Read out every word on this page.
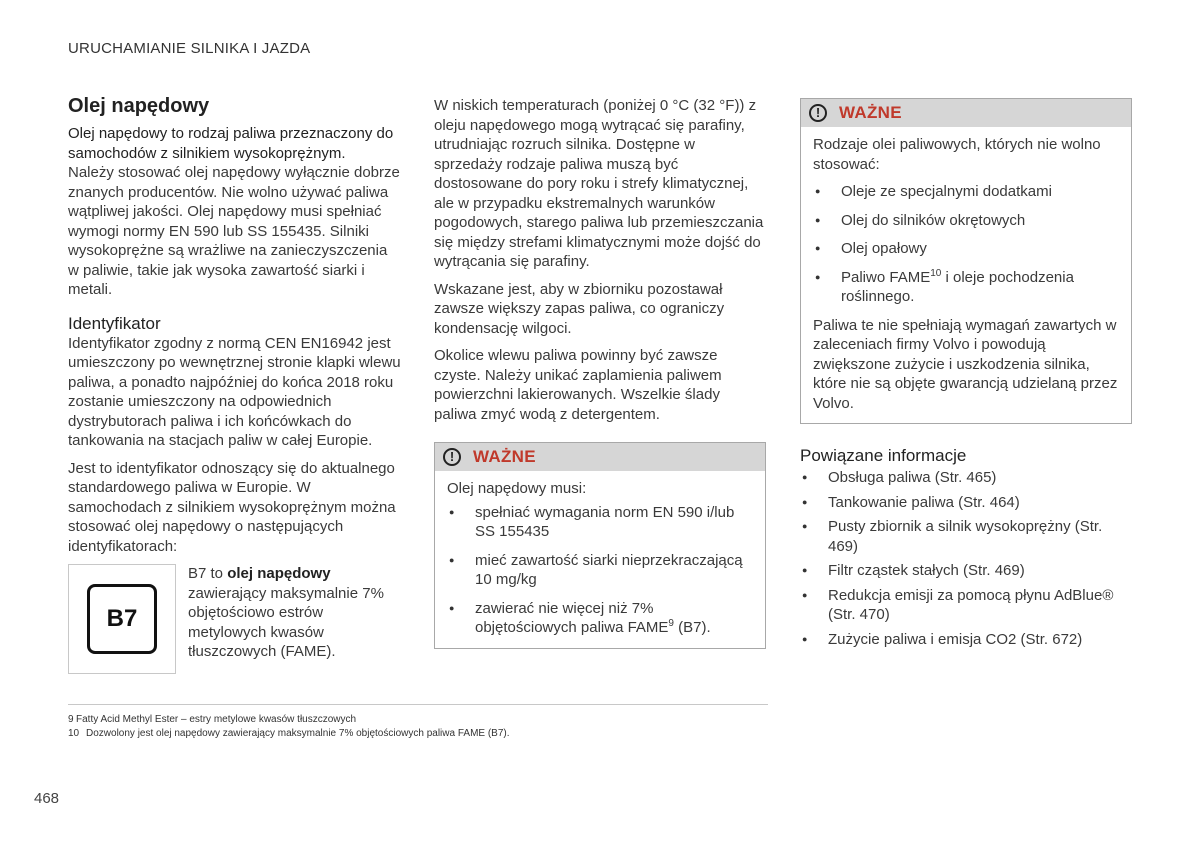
URUCHAMIANIE SILNIKA I JAZDA
Olej napędowy

Olej napędowy to rodzaj paliwa przeznaczony do samochodów z silnikiem wysokoprężnym.

Należy stosować olej napędowy wyłącznie dobrze znanych producentów. Nie wolno używać paliwa wątpliwej jakości. Olej napędowy musi spełniać wymogi normy EN 590 lub SS 155435. Silniki wysokoprężne są wrażliwe na zanieczyszczenia w paliwie, takie jak wysoka zawartość siarki i metali.

Identyfikator

Identyfikator zgodny z normą CEN EN16942 jest umieszczony po wewnętrznej stronie klapki wlewu paliwa, a ponadto najpóźniej do końca 2018 roku zostanie umieszczony na odpowiednich dystrybutorach paliwa i ich końcówkach do tankowania na stacjach paliw w całej Europie.

Jest to identyfikator odnoszący się do aktualnego standardowego paliwa w Europie. W samochodach z silnikiem wysokoprężnym można stosować olej napędowy o następujących identyfikatorach:

B7
B7 to olej napędowy zawierający maksymalnie 7% objętościowo estrów metylowych kwasów tłuszczowych (FAME).

W niskich temperaturach (poniżej 0 °C (32 °F)) z oleju napędowego mogą wytrącać się parafiny, utrudniając rozruch silnika. Dostępne w sprzedaży rodzaje paliwa muszą być dostosowane do pory roku i strefy klimatycznej, ale w przypadku ekstremalnych warunków pogodowych, starego paliwa lub przemieszczania się między strefami klimatycznymi może dojść do wytrącania się parafiny.

Wskazane jest, aby w zbiorniku pozostawał zawsze większy zapas paliwa, co ograniczy kondensację wilgoci.

Okolice wlewu paliwa powinny być zawsze czyste. Należy unikać zaplamienia paliwem powierzchni lakierowanych. Wszelkie ślady paliwa zmyć wodą z detergentem.

!	WAŻNE
Olej napędowy musi:
● spełniać wymagania norm EN 590 i/lub SS 155435
● mieć zawartość siarki nieprzekraczającą 10 mg/kg
● zawierać nie więcej niż 7% objętościowych paliwa FAME$^9$ (B7).
!	WAŻNE
Rodzaje olei paliwowych, których nie wolno stosować:
● Oleje ze specjalnymi dodatkami
● Olej do silników okrętowych
● Olej opałowy
● Paliwo FAME$^{10}$ i oleje pochodzenia roślinnego.
Paliwa te nie spełniają wymagań zawartych w zaleceniach firmy Volvo i powodują zwiększone zużycie i uszkodzenia silnika, które nie są objęte gwarancją udzielaną przez Volvo.
Powiązane informacje
● Obsługa paliwa (Str. 465)
● Tankowanie paliwa (Str. 464)
● Pusty zbiornik a silnik wysokoprężny (Str. 469)
● Filtr cząstek stałych (Str. 469)
● Redukcja emisji za pomocą płynu AdBlue® (Str. 470)
● Zużycie paliwa i emisja CO2 (Str. 672)
9 Fatty Acid Methyl Ester – estry metylowe kwasów tłuszczowych
10 Dozwolony jest olej napędowy zawierający maksymalnie 7% objętościowych paliwa FAME (B7).
468
